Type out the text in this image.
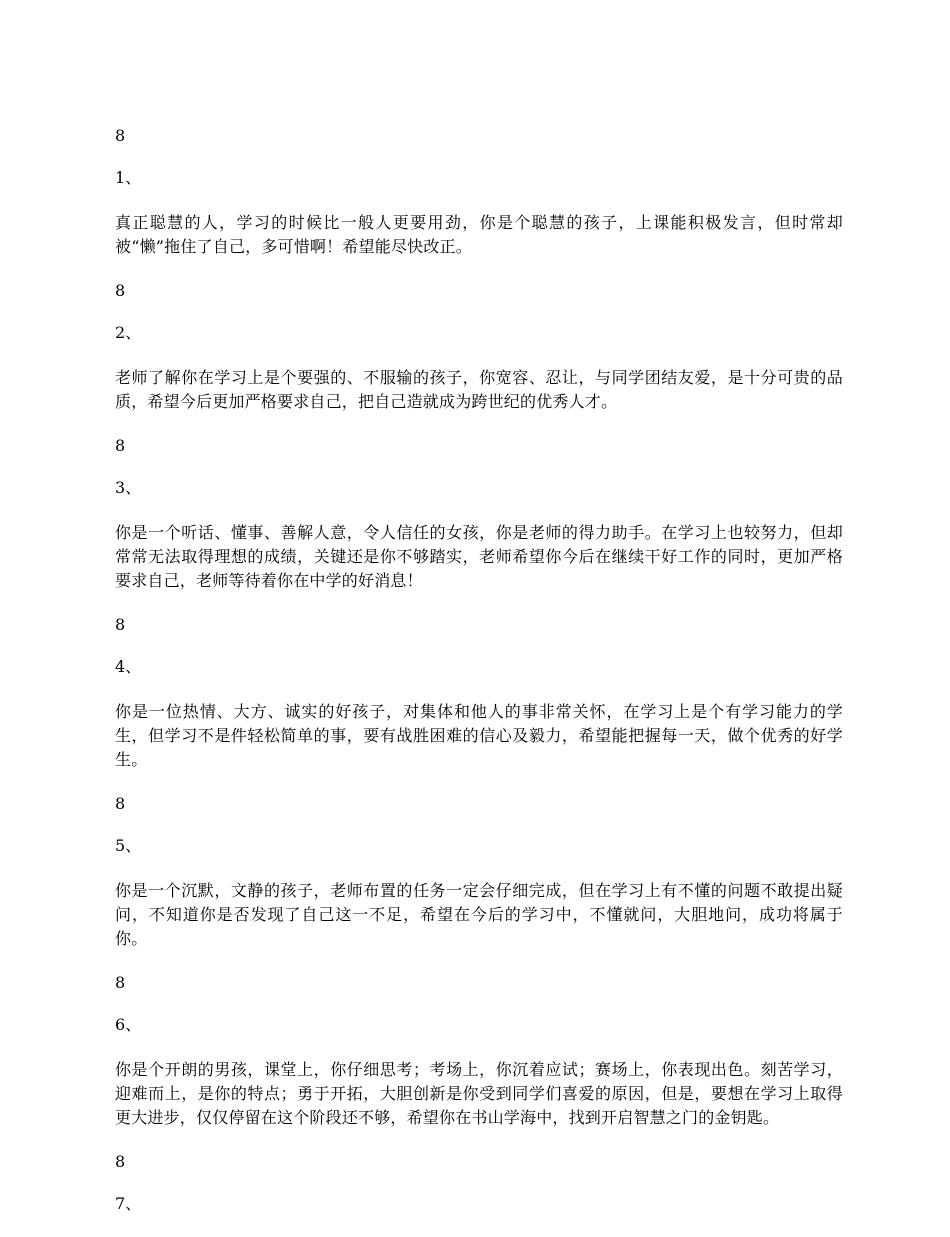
8

1、

真正聪慧的人，学习的时候比一般人更要用劲，你是个聪慧的孩子，上课能积极发言，但时常却被“懒”拖住了自己，多可惜啊！希望能尽快改正。

8

2、

老师了解你在学习上是个要强的、不服输的孩子，你宽容、忍让，与同学团结友爱，是十分可贵的品质，希望今后更加严格要求自己，把自己造就成为跨世纪的优秀人才。

8

3、

你是一个听话、懂事、善解人意，令人信任的女孩，你是老师的得力助手。在学习上也较努力，但却常常无法取得理想的成绩，关键还是你不够踏实，老师希望你今后在继续干好工作的同时，更加严格要求自己，老师等待着你在中学的好消息！

8

4、

你是一位热情、大方、诚实的好孩子，对集体和他人的事非常关怀，在学习上是个有学习能力的学生，但学习不是件轻松简单的事，要有战胜困难的信心及毅力，希望能把握每一天，做个优秀的好学生。

8

5、

你是一个沉默，文静的孩子，老师布置的任务一定会仔细完成，但在学习上有不懂的问题不敢提出疑问，不知道你是否发现了自己这一不足，希望在今后的学习中，不懂就问，大胆地问，成功将属于你。

8

6、

你是个开朗的男孩，课堂上，你仔细思考；考场上，你沉着应试；赛场上，你表现出色。刻苦学习，迎难而上，是你的特点；勇于开拓，大胆创新是你受到同学们喜爱的原因，但是，要想在学习上取得更大进步，仅仅停留在这个阶段还不够，希望你在书山学海中，找到开启智慧之门的金钥匙。

8

7、
